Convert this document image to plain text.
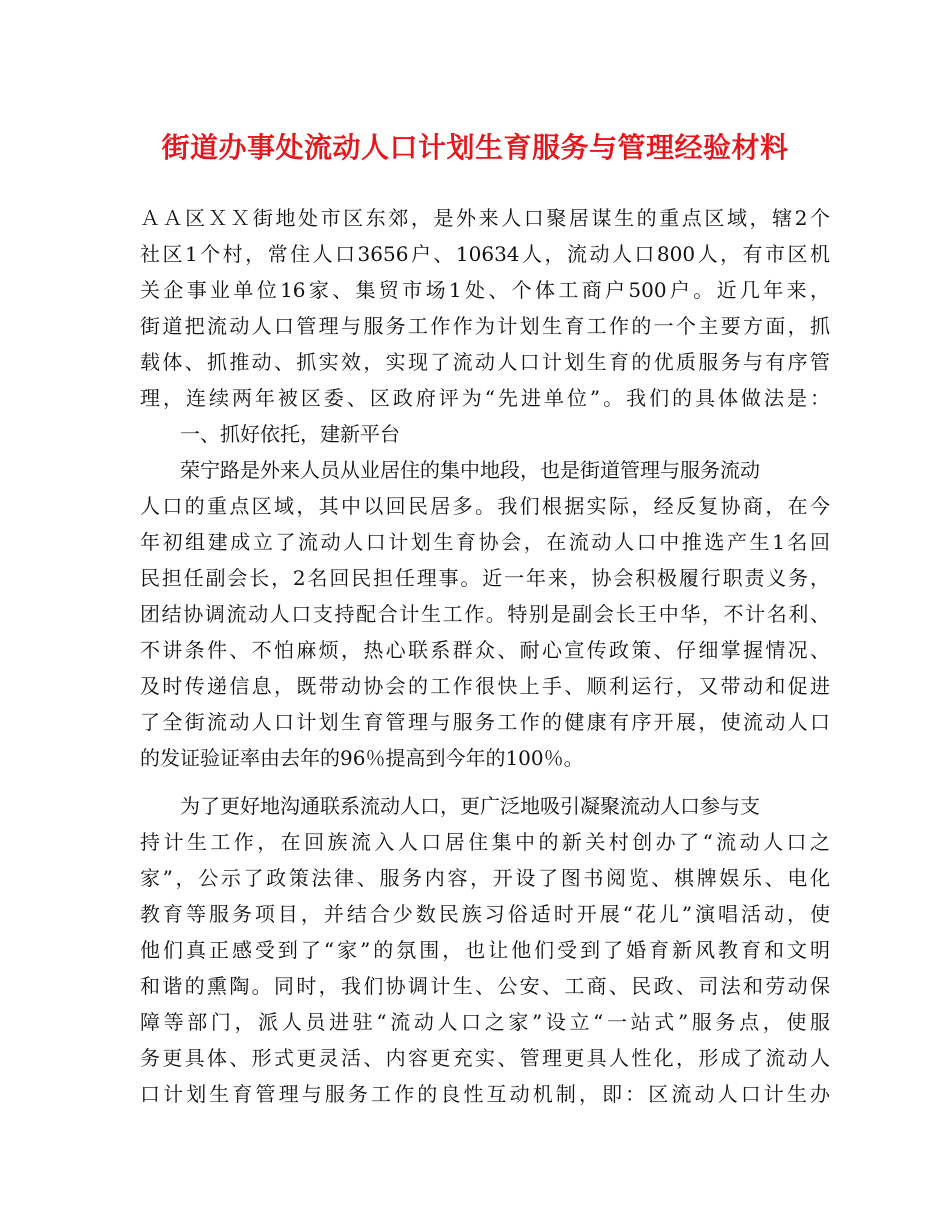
街道办事处流动人口计划生育服务与管理经验材料
ＡＡ区ＸＸ街地处市区东郊，是外来人口聚居谋生的重点区域，辖2个
社区1个村，常住人口3656户、10634人，流动人口800人，有市区机
关企事业单位16家、集贸市场1处、个体工商户500户。近几年来，
街道把流动人口管理与服务工作作为计划生育工作的一个主要方面，抓
载体、抓推动、抓实效，实现了流动人口计划生育的优质服务与有序管
理，连续两年被区委、区政府评为“先进单位”。我们的具体做法是：
一、抓好依托，建新平台
荣宁路是外来人员从业居住的集中地段，也是街道管理与服务流动
人口的重点区域，其中以回民居多。我们根据实际，经反复协商，在今
年初组建成立了流动人口计划生育协会，在流动人口中推选产生1名回
民担任副会长，2名回民担任理事。近一年来，协会积极履行职责义务，
团结协调流动人口支持配合计生工作。特别是副会长王中华，不计名利、
不讲条件、不怕麻烦，热心联系群众、耐心宣传政策、仔细掌握情况、
及时传递信息，既带动协会的工作很快上手、顺利运行，又带动和促进
了全街流动人口计划生育管理与服务工作的健康有序开展，使流动人口
的发证验证率由去年的96％提高到今年的100％。
为了更好地沟通联系流动人口，更广泛地吸引凝聚流动人口参与支
持计生工作，在回族流入人口居住集中的新关村创办了“流动人口之
家”，公示了政策法律、服务内容，开设了图书阅览、棋牌娱乐、电化
教育等服务项目，并结合少数民族习俗适时开展“花儿”演唱活动，使
他们真正感受到了“家”的氛围，也让他们受到了婚育新风教育和文明
和谐的熏陶。同时，我们协调计生、公安、工商、民政、司法和劳动保
障等部门，派人员进驻“流动人口之家”设立“一站式”服务点，使服
务更具体、形式更灵活、内容更充实、管理更具人性化，形成了流动人
口计划生育管理与服务工作的良性互动机制，即：区流动人口计生办
